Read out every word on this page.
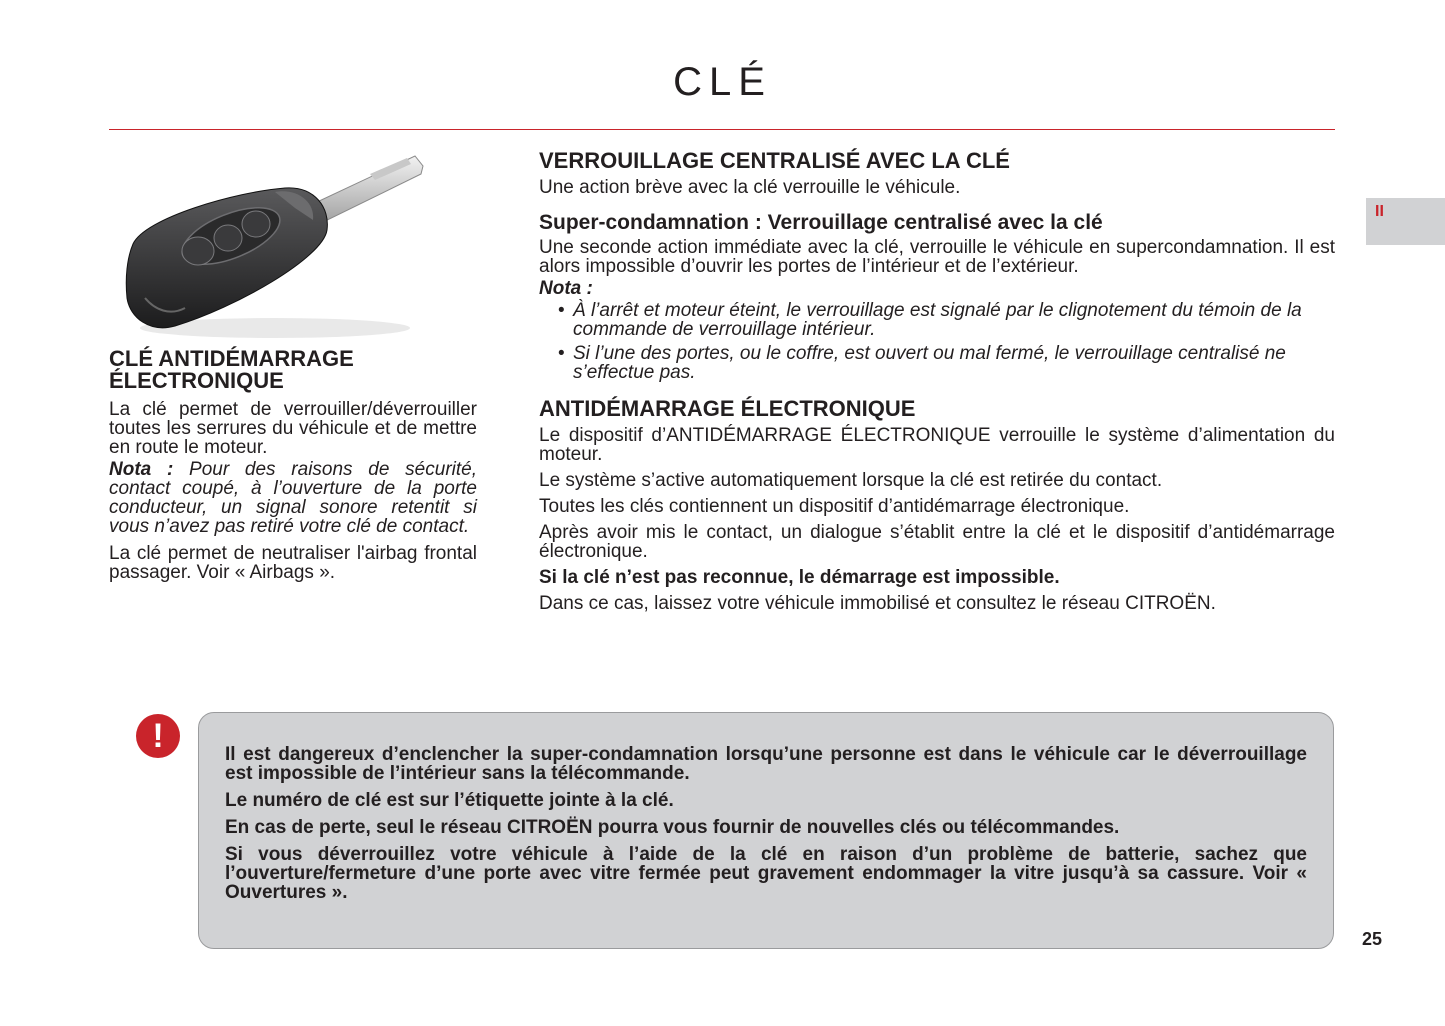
CLÉ
II
CLÉ ANTIDÉMARRAGE ÉLECTRONIQUE

La clé permet de verrouiller/déverrouiller toutes les serrures du véhicule et de mettre en route le moteur.

Nota : Pour des raisons de sécurité, contact coupé, à l’ouverture de la porte conducteur, un signal sonore retentit si vous n’avez pas retiré votre clé de contact.

La clé permet de neutraliser l'airbag frontal passager. Voir « Airbags ».

VERROUILLAGE CENTRALISÉ AVEC LA CLÉ

Une action brève avec la clé verrouille le véhicule.

Super-condamnation : Verrouillage centralisé avec la clé

Une seconde action immédiate avec la clé, verrouille le véhicule en supercondamnation. Il est alors impossible d’ouvrir les portes de l’intérieur et de l’extérieur.

Nota :

• À l’arrêt et moteur éteint, le verrouillage est signalé par le clignotement du témoin de la commande de verrouillage intérieur.
• Si l’une des portes, ou le coffre, est ouvert ou mal fermé, le verrouillage centralisé ne s’effectue pas.
ANTIDÉMARRAGE ÉLECTRONIQUE

Le dispositif d’ANTIDÉMARRAGE ÉLECTRONIQUE verrouille le système d’alimentation du moteur.

Le système s’active automatiquement lorsque la clé est retirée du contact.

Toutes les clés contiennent un dispositif d’antidémarrage électronique.

Après avoir mis le contact, un dialogue s’établit entre la clé et le dispositif d’antidémarrage électronique.

Si la clé n’est pas reconnue, le démarrage est impossible.

Dans ce cas, laissez votre véhicule immobilisé et consultez le réseau CITROËN.

!	Il est dangereux d’enclencher la super-condamnation lorsqu’une personne est dans le véhicule car le déverrouillage est impossible de l’intérieur sans la télécommande.

Le numéro de clé est sur l’étiquette jointe à la clé.

En cas de perte, seul le réseau CITROËN pourra vous fournir de nouvelles clés ou télécommandes.

Si vous déverrouillez votre véhicule à l’aide de la clé en raison d’un problème de batterie, sachez que l’ouverture/fermeture d’une porte avec vitre fermée peut gravement endommager la vitre jusqu’à sa cassure. Voir « Ouvertures ».

25
